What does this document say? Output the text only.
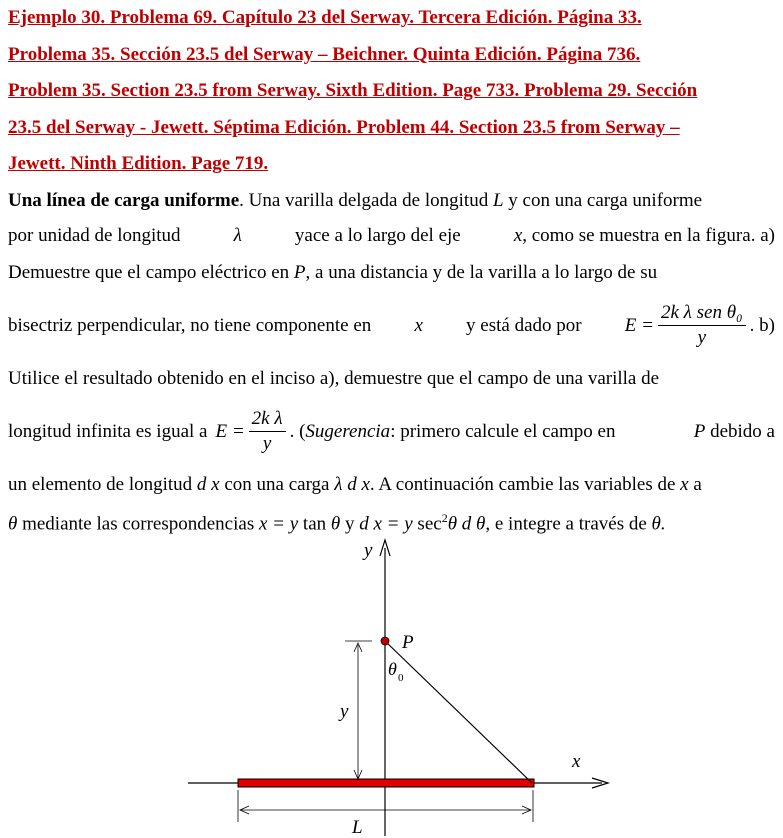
Ejemplo 30. Problema 69. Capítulo 23 del Serway. Tercera Edición. Página 33.

Problema 35. Sección 23.5 del Serway – Beichner. Quinta Edición. Página 736.

Problem 35. Section 23.5 from Serway. Sixth Edition. Page 733. Problema 29. Sección

23.5 del Serway - Jewett. Séptima Edición. Problem 44. Section 23.5 from Serway –

Jewett. Ninth Edition. Page 719.

Una línea de carga uniforme. Una varilla delgada de longitud L y con una carga uniforme
por unidad de longitud	λ	yace a lo largo del eje	x, como se muestra en la figura. a)
Demuestre que el campo eléctrico en P, a una distancia y de la varilla a lo largo de su
bisectriz perpendicular, no tiene componente en x y está dado por $E = \frac{\text{2k λ sen θ₀}}{y}$ . b)
Utilice el resultado obtenido en el inciso a), demuestre que el campo de una varilla de
longitud infinita es igual a $E = \frac{\text{2k λ}}{y}$ . ( Sugerencia : primero calcule el campo en	P debido a
un elemento de longitud d x con una carga λ d x. A continuación cambie las variables de x a
θ mediante las correspondencias x = y tan θ y d x = y $\sec^2\theta$ d θ, e integre a través de θ.
y
x
P
θ 0
y
L
